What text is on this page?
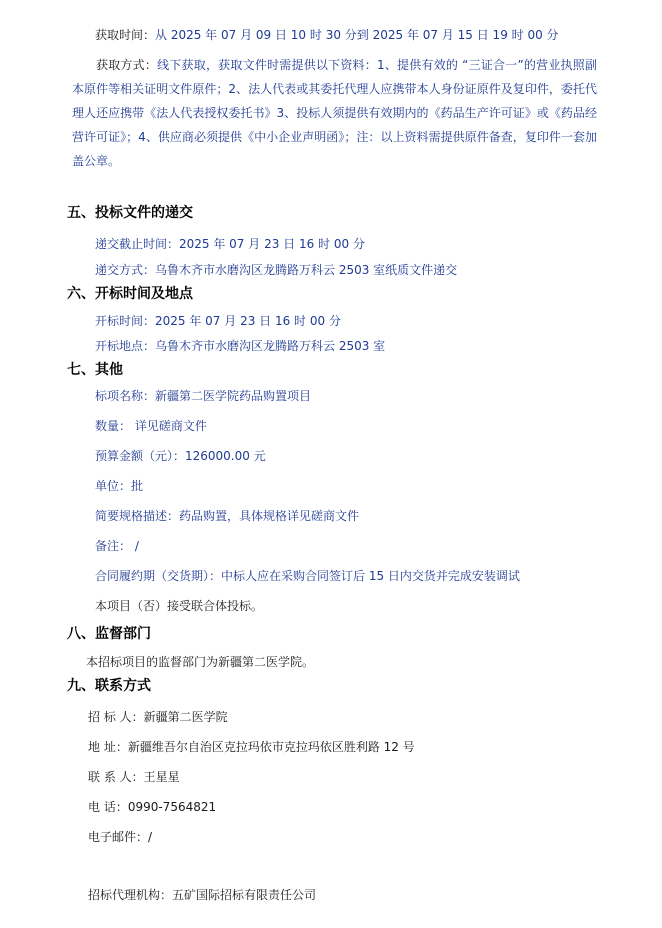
获取时间：从 2025 年 07 月 09 日 10 时 30 分到 2025 年 07 月 15 日 19 时 00 分
获取方式：线下获取，获取文件时需提供以下资料：1、提供有效的 “三证合一”的营业执照副本原件等相关证明文件原件；2、法人代表或其委托代理人应携带本人身份证原件及复印件，委托代理人还应携带《法人代表授权委托书》3、投标人须提供有效期内的《药品生产许可证》或《药品经营许可证》；4、供应商必须提供《中小企业声明函》；注：以上资料需提供原件备查，复印件一套加盖公章。
五、投标文件的递交
递交截止时间：2025 年 07 月 23 日 16 时 00 分
递交方式：乌鲁木齐市水磨沟区龙腾路万科云 2503 室纸质文件递交
六、开标时间及地点
开标时间：2025 年 07 月 23 日 16 时 00 分
开标地点：乌鲁木齐市水磨沟区龙腾路万科云 2503 室
七、其他
标项名称：新疆第二医学院药品购置项目
数量： 详见磋商文件
预算金额（元）：126000.00 元
单位：批
简要规格描述：药品购置，具体规格详见磋商文件
备注： /
合同履约期（交货期）：中标人应在采购合同签订后 15 日内交货并完成安装调试
本项目（否）接受联合体投标。
八、监督部门
本招标项目的监督部门为新疆第二医学院。
九、联系方式
招 标 人：新疆第二医学院
地 址：新疆维吾尔自治区克拉玛依市克拉玛依区胜利路 12 号
联 系 人：王星星
电 话：0990-7564821
电子邮件：/
招标代理机构：五矿国际招标有限责任公司
